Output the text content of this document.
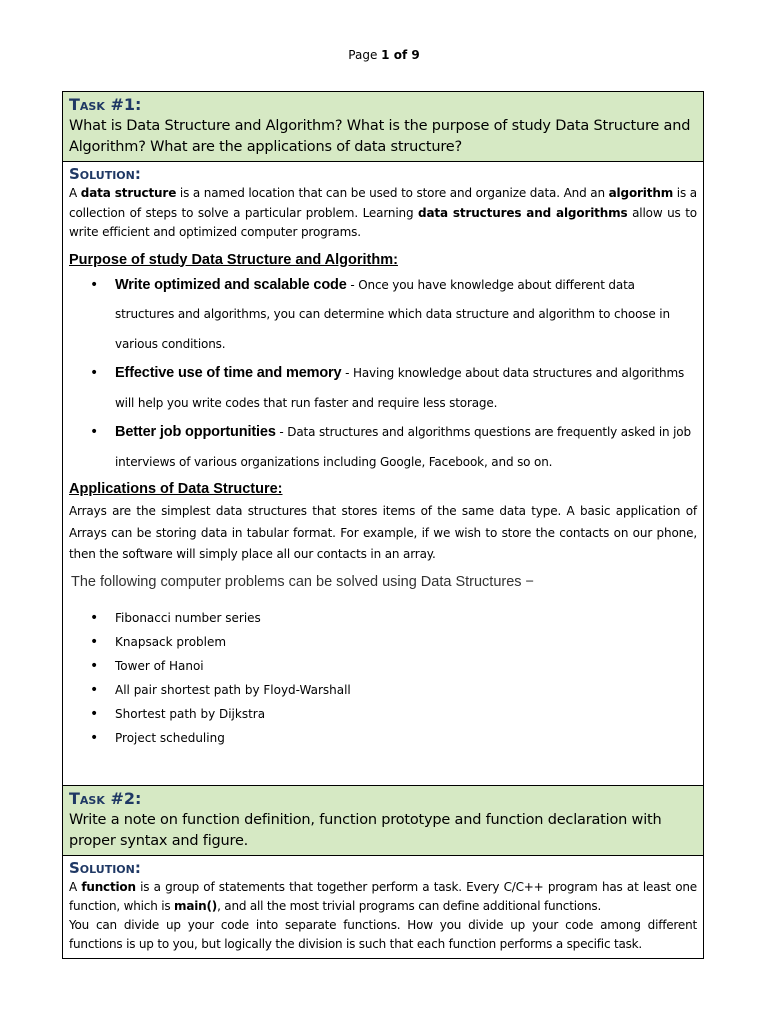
Page 1 of 9
Task #1:
What is Data Structure and Algorithm? What is the purpose of study Data Structure and Algorithm? What are the applications of data structure?
Solution:
A data structure is a named location that can be used to store and organize data. And an algorithm is a collection of steps to solve a particular problem. Learning data structures and algorithms allow us to write efficient and optimized computer programs.
Purpose of study Data Structure and Algorithm:
• Write optimized and scalable code - Once you have knowledge about different data structures and algorithms, you can determine which data structure and algorithm to choose in various conditions.
• Effective use of time and memory - Having knowledge about data structures and algorithms will help you write codes that run faster and require less storage.
• Better job opportunities - Data structures and algorithms questions are frequently asked in job interviews of various organizations including Google, Facebook, and so on.
Applications of Data Structure:
Arrays are the simplest data structures that stores items of the same data type. A basic application of Arrays can be storing data in tabular format. For example, if we wish to store the contacts on our phone, then the software will simply place all our contacts in an array.
The following computer problems can be solved using Data Structures −
• Fibonacci number series
• Knapsack problem
• Tower of Hanoi
• All pair shortest path by Floyd-Warshall
• Shortest path by Dijkstra
• Project scheduling
Task #2:
Write a note on function definition, function prototype and function declaration with proper syntax and figure.
Solution:
A function is a group of statements that together perform a task. Every C/C++ program has at least one function, which is main(), and all the most trivial programs can define additional functions.
You can divide up your code into separate functions. How you divide up your code among different functions is up to you, but logically the division is such that each function performs a specific task.
